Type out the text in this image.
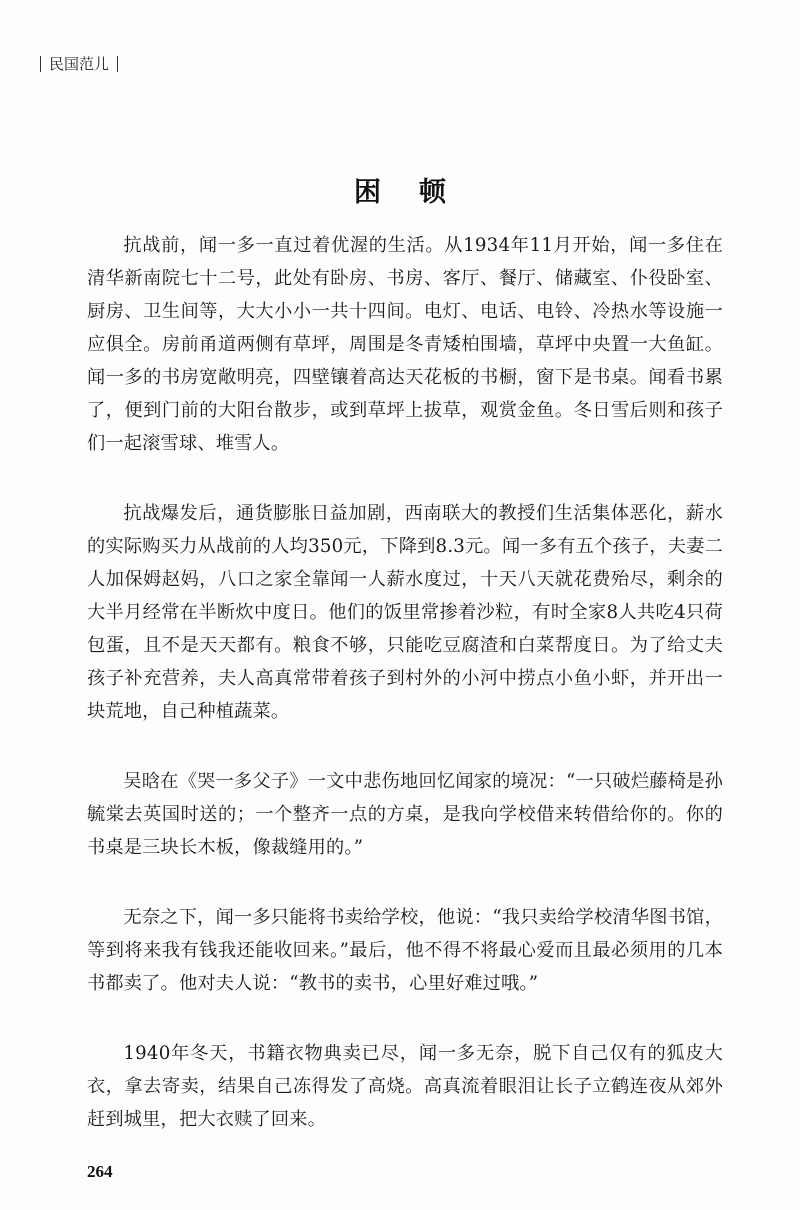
民国范儿
困顿

抗战前，闻一多一直过着优渥的生活。从1934年11月开始，闻一多住在清华新南院七十二号，此处有卧房、书房、客厅、餐厅、储藏室、仆役卧室、厨房、卫生间等，大大小小一共十四间。电灯、电话、电铃、冷热水等设施一应俱全。房前甬道两侧有草坪，周围是冬青矮柏围墙，草坪中央置一大鱼缸。闻一多的书房宽敞明亮，四壁镶着高达天花板的书橱，窗下是书桌。闻看书累了，便到门前的大阳台散步，或到草坪上拔草，观赏金鱼。冬日雪后则和孩子们一起滚雪球、堆雪人。

抗战爆发后，通货膨胀日益加剧，西南联大的教授们生活集体恶化，薪水的实际购买力从战前的人均350元，下降到8.3元。闻一多有五个孩子，夫妻二人加保姆赵妈，八口之家全靠闻一人薪水度过，十天八天就花费殆尽，剩余的大半月经常在半断炊中度日。他们的饭里常掺着沙粒，有时全家8人共吃4只荷包蛋，且不是天天都有。粮食不够，只能吃豆腐渣和白菜帮度日。为了给丈夫孩子补充营养，夫人高真常带着孩子到村外的小河中捞点小鱼小虾，并开出一块荒地，自己种植蔬菜。

吴晗在《哭一多父子》一文中悲伤地回忆闻家的境况：“一只破烂藤椅是孙毓棠去英国时送的；一个整齐一点的方桌，是我向学校借来转借给你的。你的书桌是三块长木板，像裁缝用的。”

无奈之下，闻一多只能将书卖给学校，他说：“我只卖给学校清华图书馆，等到将来我有钱我还能收回来。”最后，他不得不将最心爱而且最必须用的几本书都卖了。他对夫人说：“教书的卖书，心里好难过哦。”

1940年冬天，书籍衣物典卖已尽，闻一多无奈，脱下自己仅有的狐皮大衣，拿去寄卖，结果自己冻得发了高烧。高真流着眼泪让长子立鹤连夜从郊外赶到城里，把大衣赎了回来。

264
